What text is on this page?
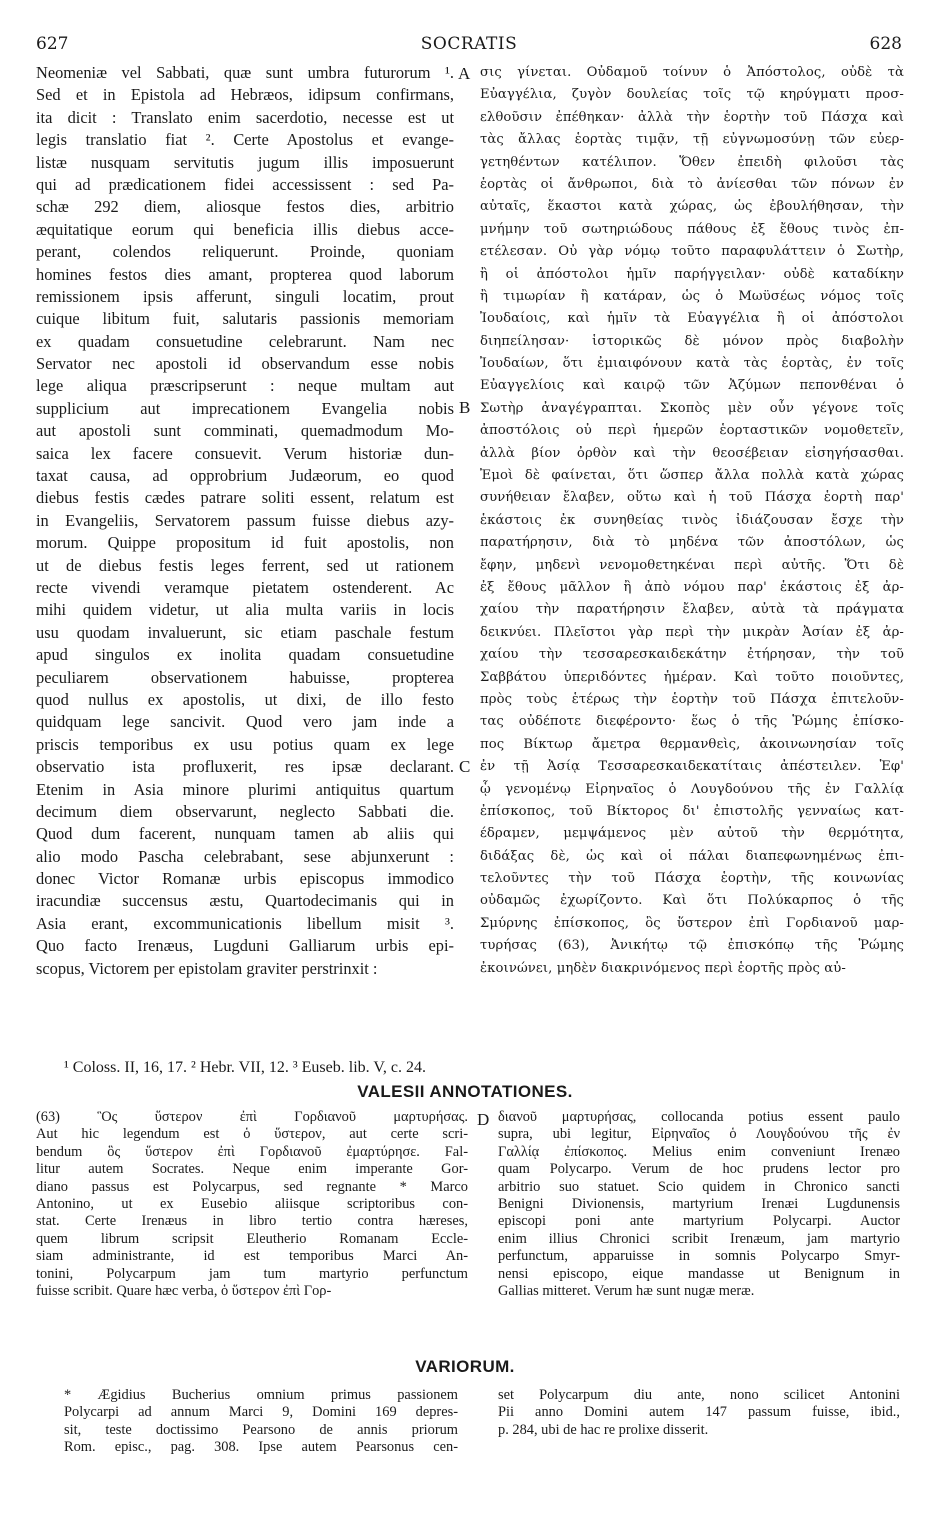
627	SOCRATIS	628
Neomeniæ vel Sabbati, quæ sunt umbra futurorum ¹.
Sed et in Epistola ad Hebræos, idipsum confirmans,
ita dicit : Translato enim sacerdotio, necesse est ut
legis translatio fiat ². Certe Apostolus et evange-
listæ nusquam servitutis jugum illis imposuerunt
qui ad prædicationem fidei accessissent : sed Pa-
schæ 292 diem, aliosque festos dies, arbitrio
æquitatique eorum qui beneficia illis diebus acce-
perant, colendos reliquerunt. Proinde, quoniam
homines festos dies amant, propterea quod laborum
remissionem ipsis afferunt, singuli locatim, prout
cuique libitum fuit, salutaris passionis memoriam
ex quadam consuetudine celebrarunt. Nam nec
Servator nec apostoli id observandum esse nobis
lege aliqua præscripserunt : neque multam aut
supplicium aut imprecationem Evangelia nobis
aut apostoli sunt comminati, quemadmodum Mo-
saica lex facere consuevit. Verum historiæ dun-
taxat causa, ad opprobrium Judæorum, eo quod
diebus festis cædes patrare soliti essent, relatum est
in Evangeliis, Servatorem passum fuisse diebus azy-
morum. Quippe propositum id fuit apostolis, non
ut de diebus festis leges ferrent, sed ut rationem
recte vivendi veramque pietatem ostenderent. Ac
mihi quidem videtur, ut alia multa variis in locis
usu quodam invaluerunt, sic etiam paschale festum
apud singulos ex inolita quadam consuetudine
peculiarem observationem habuisse, propterea
quod nullus ex apostolis, ut dixi, de illo festo
quidquam lege sancivit. Quod vero jam inde a
priscis temporibus ex usu potius quam ex lege
observatio ista profluxerit, res ipsæ declarant.
Etenim in Asia minore plurimi antiquitus quartum
decimum diem observarunt, neglecto Sabbati die.
Quod dum facerent, nunquam tamen ab aliis qui
alio modo Pascha celebrabant, sese abjunxerunt :
donec Victor Romanæ urbis episcopus immodico
iracundiæ succensus æstu, Quartodecimanis qui in
Asia erant, excommunicationis libellum misit ³.
Quo facto Irenæus, Lugduni Galliarum urbis epi-
scopus, Victorem per epistolam graviter perstrinxit :
σις γίνεται. Οὐδαμοῦ τοίνυν ὁ Ἀπόστολος, οὐδὲ τὰ
Εὐαγγέλια, ζυγὸν δουλείας τοῖς τῷ κηρύγματι προσ-
ελθοῦσιν ἐπέθηκαν· ἀλλὰ τὴν ἑορτὴν τοῦ Πάσχα καὶ
τὰς ἄλλας ἑορτὰς τιμᾷν, τῇ εὐγνωμοσύνῃ τῶν εὐερ-
γετηθέντων κατέλιπον. Ὅθεν ἐπειδὴ φιλοῦσι τὰς
ἑορτὰς οἱ ἄνθρωποι, διὰ τὸ ἀνίεσθαι τῶν πόνων ἐν
αὐταῖς, ἕκαστοι κατὰ χώρας, ὡς ἐβουλήθησαν, τὴν
μνήμην τοῦ σωτηριώδους πάθους ἐξ ἔθους τινὸς ἐπ-
ετέλεσαν. Οὐ γὰρ νόμῳ τοῦτο παραφυλάττειν ὁ Σωτὴρ,
ἢ οἱ ἀπόστολοι ἡμῖν παρήγγειλαν· οὐδὲ καταδίκην
ἢ τιμωρίαν ἢ κατάραν, ὡς ὁ Μωϋσέως νόμος τοῖς
Ἰουδαίοις, καὶ ἡμῖν τὰ Εὐαγγέλια ἢ οἱ ἀπόστολοι
διηπείλησαν· ἱστορικῶς δὲ μόνον πρὸς διαβολὴν
Ἰουδαίων, ὅτι ἐμιαιφόνουν κατὰ τὰς ἑορτὰς, ἐν τοῖς
Εὐαγγελίοις καὶ καιρῷ τῶν Ἀζύμων πεπονθέναι ὁ
Σωτὴρ ἀναγέγραπται. Σκοπὸς μὲν οὖν γέγονε τοῖς
ἀποστόλοις οὐ περὶ ἡμερῶν ἑορταστικῶν νομοθετεῖν,
ἀλλὰ βίον ὀρθὸν καὶ τὴν θεοσέβειαν εἰσηγήσασθαι.
Ἐμοὶ δὲ φαίνεται, ὅτι ὥσπερ ἄλλα πολλὰ κατὰ χώρας
συνήθειαν ἔλαβεν, οὕτω καὶ ἡ τοῦ Πάσχα ἑορτὴ παρ'
ἑκάστοις ἐκ συνηθείας τινὸς ἰδιάζουσαν ἔσχε τὴν
παρατήρησιν, διὰ τὸ μηδένα τῶν ἀποστόλων, ὡς
ἔφην, μηδενὶ νενομοθετηκέναι περὶ αὐτῆς. Ὅτι δὲ
ἐξ ἔθους μᾶλλον ἢ ἀπὸ νόμου παρ' ἑκάστοις ἐξ ἀρ-
χαίου τὴν παρατήρησιν ἔλαβεν, αὐτὰ τὰ πράγματα
δεικνύει. Πλεῖστοι γὰρ περὶ τὴν μικρὰν Ἀσίαν ἐξ ἀρ-
χαίου τὴν τεσσαρεσκαιδεκάτην ἐτήρησαν, τὴν τοῦ
Σαββάτου ὑπεριδόντες ἡμέραν. Καὶ τοῦτο ποιοῦντες,
πρὸς τοὺς ἑτέρως τὴν ἑορτὴν τοῦ Πάσχα ἐπιτελοῦν-
τας οὐδέποτε διεφέροντο· ἕως ὁ τῆς Ῥώμης ἐπίσκο-
πος Βίκτωρ ἄμετρα θερμανθεὶς, ἀκοινωνησίαν τοῖς
ἐν τῇ Ἀσίᾳ Τεσσαρεσκαιδεκατίταις ἀπέστειλεν. Ἐφ'
ᾧ γενομένῳ Εἰρηναῖος ὁ Λουγδούνου τῆς ἐν Γαλλίᾳ
ἐπίσκοπος, τοῦ Βίκτορος δι' ἐπιστολῆς γενναίως κατ-
έδραμεν, μεμψάμενος μὲν αὐτοῦ τὴν θερμότητα,
διδάξας δὲ, ὡς καὶ οἱ πάλαι διαπεφωνημένως ἐπι-
τελοῦντες τὴν τοῦ Πάσχα ἑορτὴν, τῆς κοινωνίας
οὐδαμῶς ἐχωρίζοντο. Καὶ ὅτι Πολύκαρπος ὁ τῆς
Σμύρνης ἐπίσκοπος, ὃς ὕστερον ἐπὶ Γορδιανοῦ μαρ-
τυρήσας (63), Ἀνικήτῳ τῷ ἐπισκόπῳ τῆς Ῥώμης
ἐκοινώνει, μηδὲν διακρινόμενος περὶ ἑορτῆς πρὸς αὐ-
A
B
C
D
¹ Coloss. II, 16, 17. ² Hebr. VII, 12. ³ Euseb. lib. V, c. 24.
VALESII ANNOTATIONES.
(63) Ὃς ὕστερον ἐπὶ Γορδιανοῦ μαρτυρήσας.
Aut hic legendum est ὁ ὕστερον, aut certe scri-
bendum ὃς ὕστερον ἐπὶ Γορδιανοῦ ἐμαρτύρησε. Fal-
litur autem Socrates. Neque enim imperante Gor-
diano passus est Polycarpus, sed regnante * Marco
Antonino, ut ex Eusebio aliisque scriptoribus con-
stat. Certe Irenæus in libro tertio contra hæreses,
quem librum scripsit Eleutherio Romanam Eccle-
siam administrante, id est temporibus Marci An-
tonini, Polycarpum jam tum martyrio perfunctum
fuisse scribit. Quare hæc verba, ὁ ὕστερον ἐπὶ Γορ-
διανοῦ μαρτυρήσας, collocanda potius essent paulo
supra, ubi legitur, Εἰρηναῖος ὁ Λουγδούνου τῆς ἐν
Γαλλίᾳ ἐπίσκοπος. Melius enim conveniunt Irenæo
quam Polycarpo. Verum de hoc prudens lector pro
arbitrio suo statuet. Scio quidem in Chronico sancti
Benigni Divionensis, martyrium Irenæi Lugdunensis
episcopi poni ante martyrium Polycarpi. Auctor
enim illius Chronici scribit Irenæum, jam martyrio
perfunctum, apparuisse in somnis Polycarpo Smyr-
nensi episcopo, eique mandasse ut Benignum in
Gallias mitteret. Verum hæ sunt nugæ meræ.
VARIORUM.
* Ægidius Bucherius omnium primus passionem
Polycarpi ad annum Marci 9, Domini 169 depres-
sit, teste doctissimo Pearsono de annis priorum
Rom. episc., pag. 308. Ipse autem Pearsonus cen-
set Polycarpum diu ante, nono scilicet Antonini
Pii anno Domini autem 147 passum fuisse, ibid.,
p. 284, ubi de hac re prolixe disserit.
